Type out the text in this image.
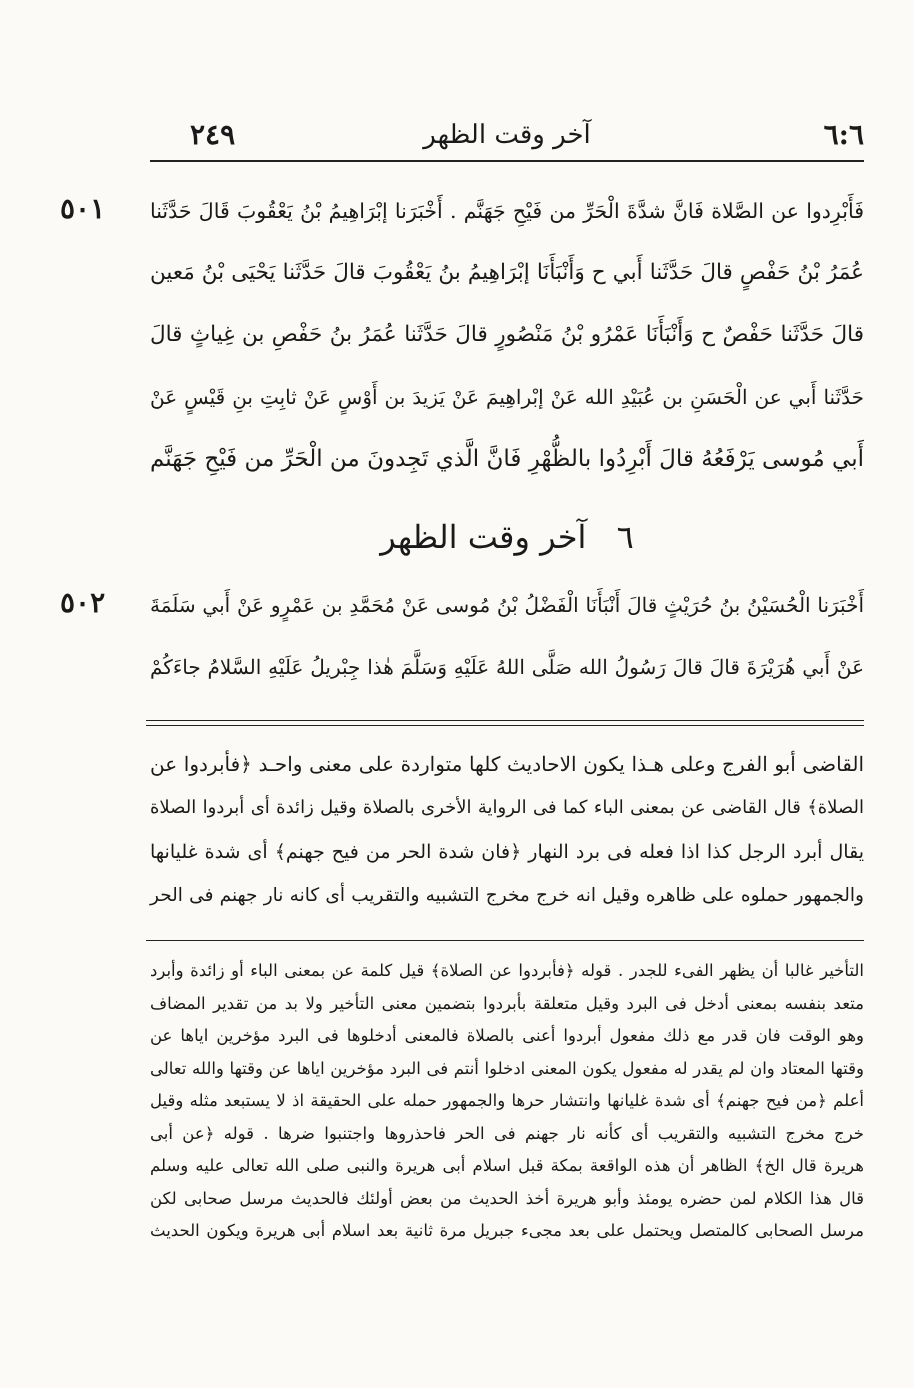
٢٤٩	آخر وقت الظهر	٦:٦
٥٠١ فَأَبْرِدوا عن الصَّلاة فَانَّ شدَّةَ الْحَرِّ من فَيْحِ جَهَنَّم . أَخْبَرَنا إبْرَاهِيمُ بْنُ يَعْقُوبَ قَالَ حَدَّثَنا
عُمَرُ بْنُ حَفْصٍ قالَ حَدَّثَنا أَبي ح وَأَنْبَأَنَا إبْرَاهِيمُ بنُ يَعْقُوبَ قالَ حَدَّثَنا يَحْيَى بْنُ مَعين
قالَ حَدَّثَنا حَفْصٌ ح وَأَنْبَأَنَا عَمْرُو بْنُ مَنْصُورٍ قالَ حَدَّثَنا عُمَرُ بنُ حَفْصِ بن غِياثٍ قالَ
حَدَّثَنا أَبي عن الْحَسَنِ بن عُبَيْدِ الله عَنْ إبْراهِيمَ عَنْ يَزيدَ بن أَوْسٍ عَنْ ثابِتِ بنِ قَيْسٍ عَنْ
أَبي مُوسى يَرْفَعُهُ قالَ أَبْرِدُوا بالظُّهْرِ فَانَّ الَّذي تَجِدونَ من الْحَرِّ من فَيْحِ جَهَنَّم
٦ آخر وقت الظهر
٥٠٢ أَخْبَرَنا الْحُسَيْنُ بنُ حُرَيْثٍ قالَ أَنْبَأَنَا الْفَضْلُ بْنُ مُوسى عَنْ مُحَمَّدِ بن عَمْرٍو عَنْ أَبي سَلَمَةَ
عَنْ أَبي هُرَيْرَةَ قالَ قالَ رَسُولُ الله صَلَّى اللهُ عَلَيْهِ وَسَلَّمَ هٰذا جِبْريلُ عَلَيْهِ السَّلامُ جاءَكُمْ
القاضى أبو الفرج وعلى هـذا يكون الاحاديث كلها متواردة على معنى واحـد ﴿فأبردوا عن
الصلاة﴾ قال القاضى عن بمعنى الباء كما فى الرواية الأخرى بالصلاة وقيل زائدة أى أبردوا الصلاة
يقال أبرد الرجل كذا اذا فعله فى برد النهار ﴿فان شدة الحر من فيح جهنم﴾ أى شدة غليانها
والجمهور حملوه على ظاهره وقيل انه خرج مخرج التشبيه والتقريب أى كانه نار جهنم فى الحر
التأخير غالبا أن يظهر الفىء للجدر . قوله ﴿فأبردوا عن الصلاة﴾ قيل كلمة عن بمعنى الباء أو زائدة وأبرد
متعد بنفسه بمعنى أدخل فى البرد وقيل متعلقة بأبردوا بتضمين معنى التأخير ولا بد من تقدير المضاف
وهو الوقت فان قدر مع ذلك مفعول أبردوا أعنى بالصلاة فالمعنى أدخلوها فى البرد مؤخرين اياها عن
وقتها المعتاد وان لم يقدر له مفعول يكون المعنى ادخلوا أنتم فى البرد مؤخرين اياها عن وقتها والله تعالى
أعلم ﴿من فيح جهنم﴾ أى شدة غليانها وانتشار حرها والجمهور حمله على الحقيقة اذ لا يستبعد مثله وقيل
خرج مخرج التشبيه والتقريب أى كأنه نار جهنم فى الحر فاحذروها واجتنبوا ضرها . قوله ﴿عن أبى
هريرة قال الخ﴾ الظاهر أن هذه الواقعة بمكة قبل اسلام أبى هريرة والنبى صلى الله تعالى عليه وسلم
قال هذا الكلام لمن حضره يومئذ وأبو هريرة أخذ الحديث من بعض أولئك فالحديث مرسل صحابى لكن
مرسل الصحابى كالمتصل ويحتمل على بعد مجىء جبريل مرة ثانية بعد اسلام أبى هريرة ويكون الحديث
